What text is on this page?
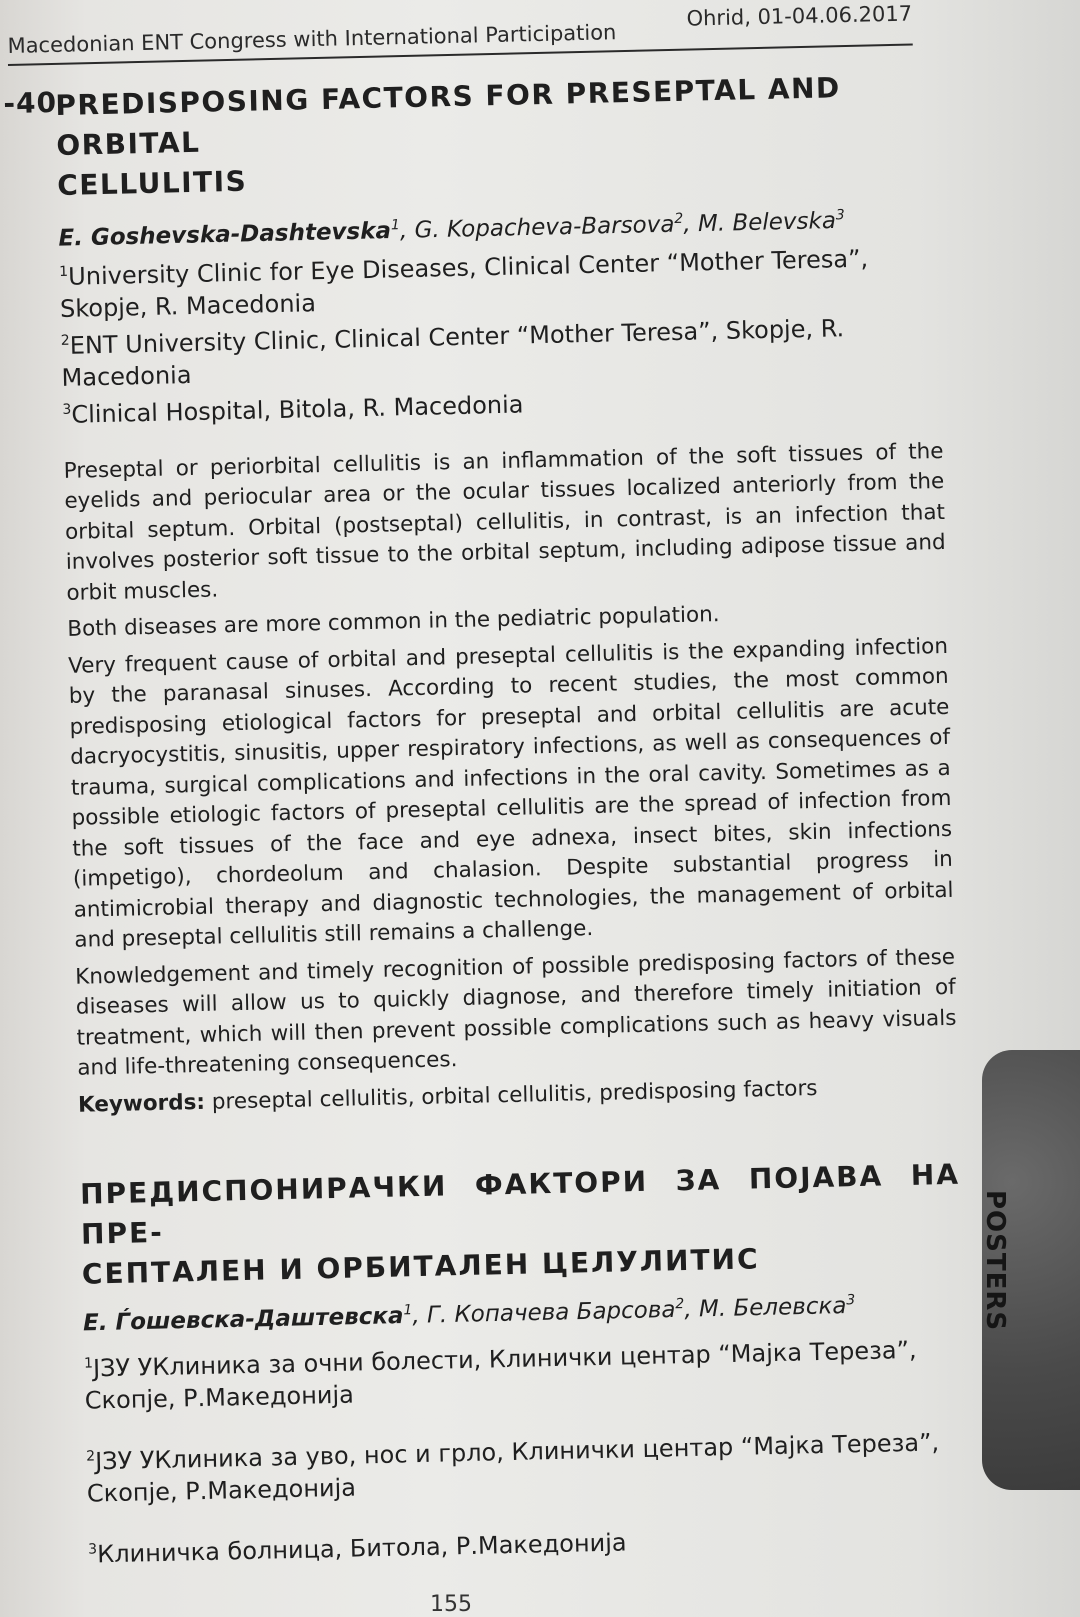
Macedonian ENT Congress with International Participation
Ohrid, 01-04.06.2017
-40
PREDISPOSING FACTORS FOR PRESEPTAL AND ORBITAL
CELLULITIS
E. Goshevska-Dashtevska$^1$, G. Kopacheva-Barsova$^2$, M. Belevska$^3$
$^1$University Clinic for Eye Diseases, Clinical Center “Mother Teresa”, Skopje, R. Macedonia
$^2$ENT University Clinic, Clinical Center “Mother Teresa”, Skopje, R. Macedonia
$^3$Clinical Hospital, Bitola, R. Macedonia

Preseptal or periorbital cellulitis is an inflammation of the soft tissues of the eyelids and periocular area or the ocular tissues localized anteriorly from the orbital septum. Orbital (postseptal) cellulitis, in contrast, is an infection that involves posterior soft tissue to the orbital septum, including adipose tissue and orbit muscles.

Both diseases are more common in the pediatric population.

Very frequent cause of orbital and preseptal cellulitis is the expanding infection by the paranasal sinuses. According to recent studies, the most common predisposing etiological factors for preseptal and orbital cellulitis are acute dacryocystitis, sinusitis, upper respiratory infections, as well as consequences of trauma, surgical complications and infections in the oral cavity. Sometimes as a possible etiologic factors of preseptal cellulitis are the spread of infection from the soft tissues of the face and eye adnexa, insect bites, skin infections (impetigo), chordeolum and chalasion. Despite substantial progress in antimicrobial therapy and diagnostic technologies, the management of orbital and preseptal cellulitis still remains a challenge.

Knowledgement and timely recognition of possible predisposing factors of these diseases will allow us to quickly diagnose, and therefore timely initiation of treatment, which will then prevent possible complications such as heavy visuals and life-threatening consequences.

Keywords: preseptal cellulitis, orbital cellulitis, predisposing factors
ПРЕДИСПОНИРАЧКИ ФАКТОРИ ЗА ПОЈАВА НА ПРЕ-
СЕПТАЛЕН И ОРБИТАЛЕН ЦЕЛУЛИТИС
Е. Ѓошевска-Даштевска$^1$, Г. Копачева Барсова$^2$, М. Белевска$^3$
$^1$ЈЗУ УКлиника за очни болести, Клинички центар “Мајка Тереза”, Скопје, Р.Македонија
$^2$ЈЗУ УКлиника за уво, нос и грло, Клинички центар “Мајка Тереза”, Скопје, Р.Македонија
$^3$Клиничка болница, Битола, Р.Македонија
POSTERS
155
